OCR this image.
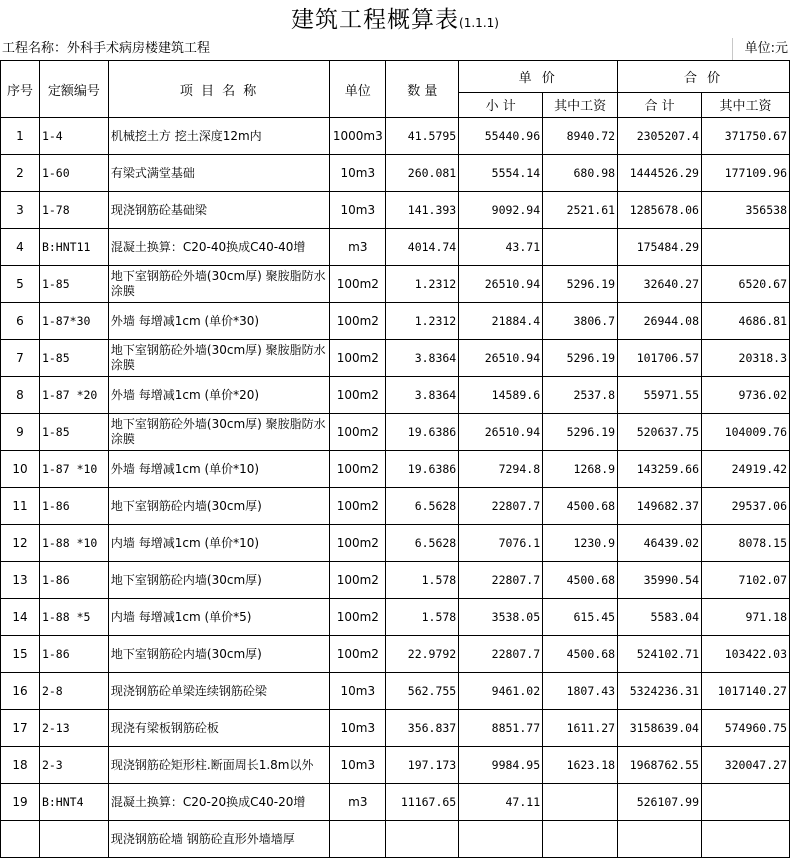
建筑工程概算表(1.1.1)
工程名称：外科手术病房楼建筑工程	单位:元
序号	定额编号	项 目 名 称	单位	数 量	单 价		合 价	
					小 计	其中工资	合 计	其中工资
1	1-4	机械挖土方 挖土深度12m内	1000m3	41.5795	55440.96	8940.72	2305207.4	371750.67
2	1-60	有梁式满堂基础	10m3	260.081	5554.14	680.98	1444526.29	177109.96
3	1-78	现浇钢筋砼基础梁	10m3	141.393	9092.94	2521.61	1285678.06	356538
4	B:HNT11	混凝土换算：C20-40换成C40-40增	m3	4014.74	43.71		175484.29	
5	1-85	地下室钢筋砼外墙(30cm厚) 聚胺脂防水涂膜	100m2	1.2312	26510.94	5296.19	32640.27	6520.67
6	1-87*30	外墙 每增减1cm (单价*30)	100m2	1.2312	21884.4	3806.7	26944.08	4686.81
7	1-85	地下室钢筋砼外墙(30cm厚) 聚胺脂防水涂膜	100m2	3.8364	26510.94	5296.19	101706.57	20318.3
8	1-87 *20	外墙 每增减1cm (单价*20)	100m2	3.8364	14589.6	2537.8	55971.55	9736.02
9	1-85	地下室钢筋砼外墙(30cm厚) 聚胺脂防水涂膜	100m2	19.6386	26510.94	5296.19	520637.75	104009.76
10	1-87 *10	外墙 每增减1cm (单价*10)	100m2	19.6386	7294.8	1268.9	143259.66	24919.42
11	1-86	地下室钢筋砼内墙(30cm厚)	100m2	6.5628	22807.7	4500.68	149682.37	29537.06
12	1-88 *10	内墙 每增减1cm (单价*10)	100m2	6.5628	7076.1	1230.9	46439.02	8078.15
13	1-86	地下室钢筋砼内墙(30cm厚)	100m2	1.578	22807.7	4500.68	35990.54	7102.07
14	1-88 *5	内墙 每增减1cm (单价*5)	100m2	1.578	3538.05	615.45	5583.04	971.18
15	1-86	地下室钢筋砼内墙(30cm厚)	100m2	22.9792	22807.7	4500.68	524102.71	103422.03
16	2-8	现浇钢筋砼单梁连续钢筋砼梁	10m3	562.755	9461.02	1807.43	5324236.31	1017140.27
17	2-13	现浇有梁板钢筋砼板	10m3	356.837	8851.77	1611.27	3158639.04	574960.75
18	2-3	现浇钢筋砼矩形柱.断面周长1.8m以外	10m3	197.173	9984.95	1623.18	1968762.55	320047.27
19	B:HNT4	混凝土换算：C20-20换成C40-20增	m3	11167.65	47.11		526107.99	
		现浇钢筋砼墙 钢筋砼直形外墙墙厚						
